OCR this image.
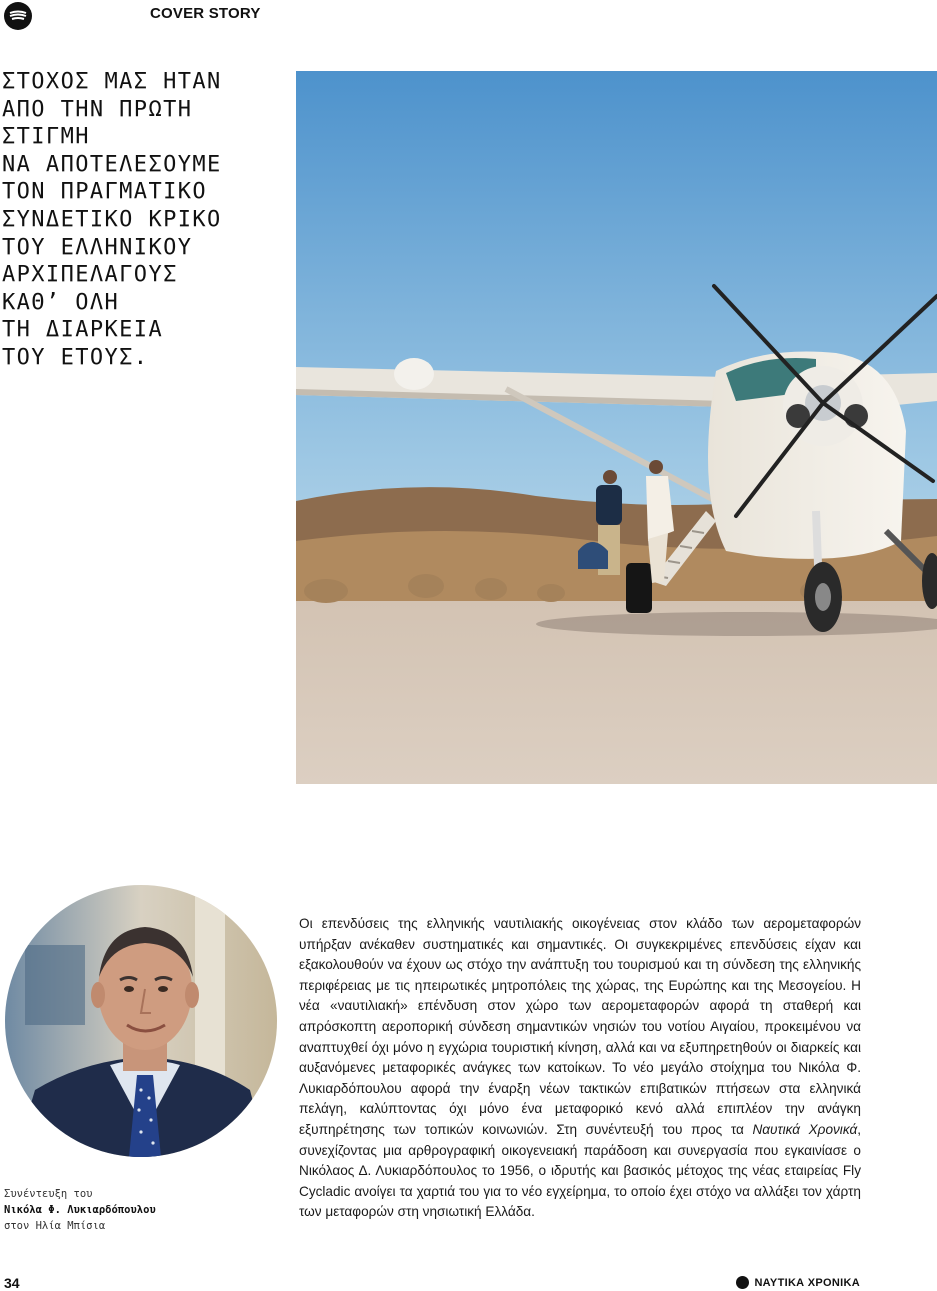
COVER STORY
ΣΤΟΧΟΣ ΜΑΣ ΗΤΑΝ
ΑΠΟ ΤΗΝ ΠΡΩΤΗ ΣΤΙΓΜΗ
ΝΑ ΑΠΟΤΕΛΕΣΟΥΜΕ
ΤΟΝ ΠΡΑΓΜΑΤΙΚΟ
ΣΥΝΔΕΤΙΚΟ ΚΡΙΚΟ
ΤΟΥ ΕΛΛΗΝΙΚΟΥ
ΑΡΧΙΠΕΛΑΓΟΥΣ
ΚΑΘ’ ΟΛΗ
ΤΗ ΔΙΑΡΚΕΙΑ
ΤΟΥ ΕΤΟΥΣ.
Συνέντευξη του
Νικόλα Φ. Λυκιαρδόπουλου
στον Ηλία Μπίσια
Οι επενδύσεις της ελληνικής ναυτιλιακής οικογένειας στον κλάδο των αερομεταφορών υπήρξαν ανέκαθεν συστηματικές και σημαντικές. Οι συγκεκριμένες επενδύσεις είχαν και εξακολουθούν να έχουν ως στόχο την ανάπτυξη του τουρισμού και τη σύνδεση της ελληνικής περιφέρειας με τις ηπειρωτικές μητροπόλεις της χώρας, της Ευρώπης και της Μεσογείου. Η νέα «ναυτιλιακή» επένδυση στον χώρο των αερομεταφορών αφορά τη σταθερή και απρόσκοπτη αεροπορική σύνδεση σημαντικών νησιών του νοτίου Αιγαίου, προκειμένου να αναπτυχθεί όχι μόνο η εγχώρια τουριστική κίνηση, αλλά και να εξυπηρετηθούν οι διαρκείς και αυξανόμενες μεταφορικές ανάγκες των κατοίκων. Το νέο μεγάλο στοίχημα του Νικόλα Φ. Λυκιαρδόπουλου αφορά την έναρξη νέων τακτικών επιβατικών πτήσεων στα ελληνικά πελάγη, καλύπτοντας όχι μόνο ένα μεταφορικό κενό αλλά επιπλέον την ανάγκη εξυπηρέτησης των τοπικών κοινωνιών. Στη συνέντευξή του προς τα Ναυτικά Χρονικά, συνεχίζοντας μια αρθρογραφική οικογενειακή παράδοση και συνεργασία που εγκαινίασε ο Νικόλαος Δ. Λυκιαρδόπουλος το 1956, ο ιδρυτής και βασικός μέτοχος της νέας εταιρείας Fly Cycladic ανοίγει τα χαρτιά του για το νέο εγχείρημα, το οποίο έχει στόχο να αλλάξει τον χάρτη των μεταφορών στη νησιωτική Ελλάδα.
34	ΝΑΥΤΙΚΑ ΧΡΟΝΙΚΑ
